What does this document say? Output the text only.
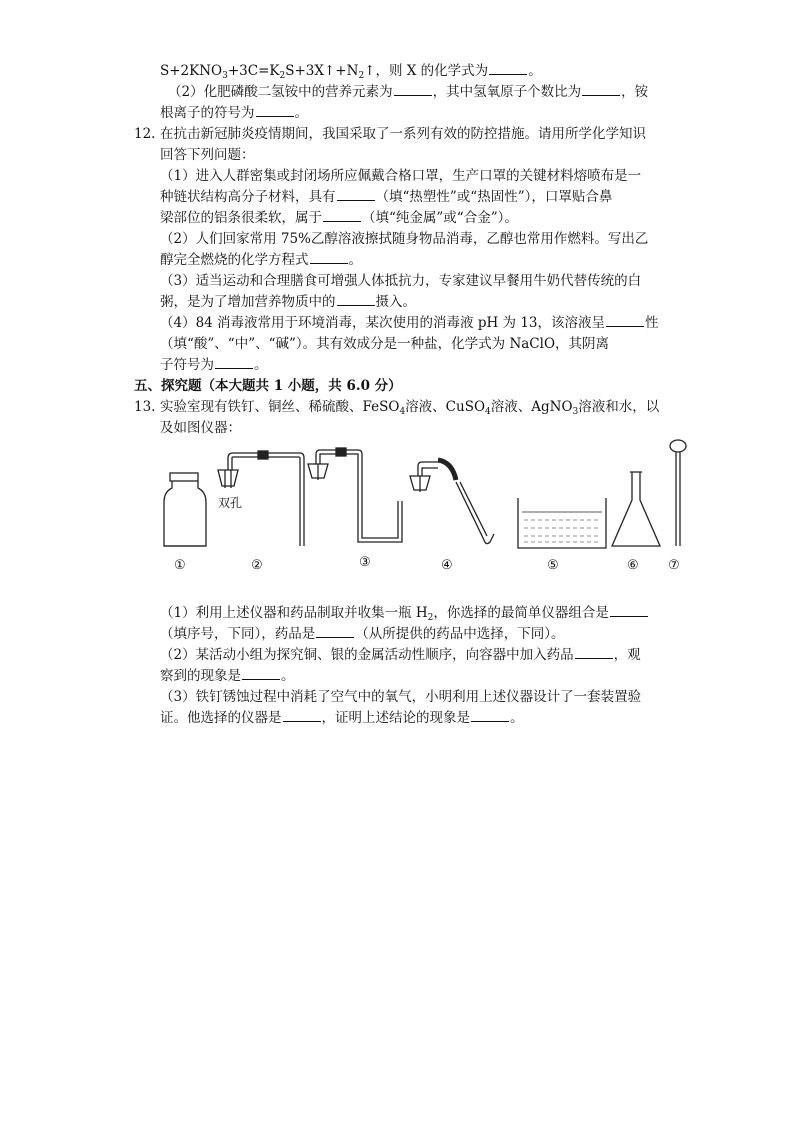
$S+2KNO_3+3C=K_2S+3X↑+N_2↑$，则 X 的化学式为	。
（2）化肥磷酸二氢铵中的营养元素为	，其中氢氧原子个数比为	，铵
根离子的符号为	。
12. 在抗击新冠肺炎疫情期间，我国采取了一系列有效的防控措施。请用所学化学知识
回答下列问题：
（1）进入人群密集或封闭场所应佩戴合格口罩，生产口罩的关键材料熔喷布是一
种链状结构高分子材料，具有	（填“热塑性”或“热固性”），口罩贴合鼻
梁部位的铝条很柔软，属于	（填“纯金属”或“合金”）。
（2）人们回家常用 75%乙醇溶液擦拭随身物品消毒，乙醇也常用作燃料。写出乙
醇完全燃烧的化学方程式	。
（3）适当运动和合理膳食可增强人体抵抗力，专家建议早餐用牛奶代替传统的白
粥，是为了增加营养物质中的	摄入。
（4）84 消毒液常用于环境消毒，某次使用的消毒液 pH 为 13，该溶液呈	性
（填“酸”、“中”、“碱”）。其有效成分是一种盐，化学式为 NaClO，其阴离
子符号为	。
五、探究题（本大题共 1 小题，共 6.0 分）
13. 实验室现有铁钉、铜丝、稀硫酸、FeSO$_4$溶液、CuSO$_4$溶液、AgNO$_3$溶液和水，以
及如图仪器：
双孔
①	②	③	④	⑤	⑥ ⑦
（1）利用上述仪器和药品制取并收集一瓶 $H_2$，你选择的最简单仪器组合是
（填序号，下同），药品是	（从所提供的药品中选择，下同）。
（2）某活动小组为探究铜、银的金属活动性顺序，向容器中加入药品	，观
察到的现象是	。
（3）铁钉锈蚀过程中消耗了空气中的氧气，小明利用上述仪器设计了一套装置验
证。他选择的仪器是	，证明上述结论的现象是	。
